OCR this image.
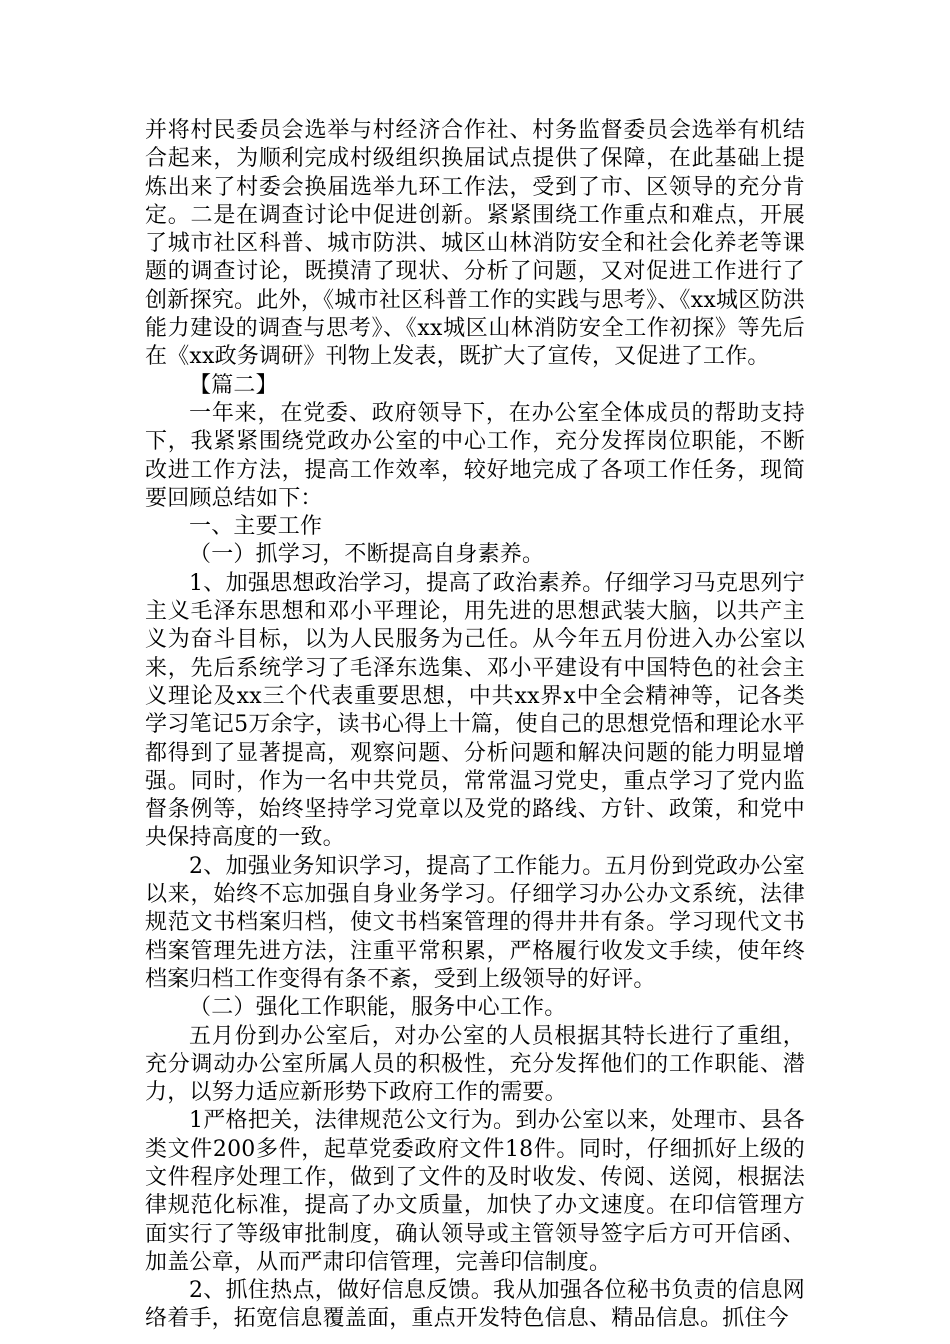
并将村民委员会选举与村经济合作社、村务监督委员会选举有机结合起来，为顺利完成村级组织换届试点提供了保障，在此基础上提炼出来了村委会换届选举九环工作法，受到了市、区领导的充分肯定。二是在调查讨论中促进创新。紧紧围绕工作重点和难点，开展了城市社区科普、城市防洪、城区山林消防安全和社会化养老等课题的调查讨论，既摸清了现状、分析了问题，又对促进工作进行了创新探究。此外，《城市社区科普工作的实践与思考》、《xx城区防洪能力建设的调查与思考》、《xx城区山林消防安全工作初探》等先后在《xx政务调研》刊物上发表，既扩大了宣传，又促进了工作。

【篇二】

一年来，在党委、政府领导下，在办公室全体成员的帮助支持下，我紧紧围绕党政办公室的中心工作，充分发挥岗位职能，不断改进工作方法，提高工作效率，较好地完成了各项工作任务，现简要回顾总结如下：

一、主要工作

（一）抓学习，不断提高自身素养。

1、加强思想政治学习，提高了政治素养。仔细学习马克思列宁主义毛泽东思想和邓小平理论，用先进的思想武装大脑，以共产主义为奋斗目标，以为人民服务为己任。从今年五月份进入办公室以来，先后系统学习了毛泽东选集、邓小平建设有中国特色的社会主义理论及xx三个代表重要思想，中共xx界x中全会精神等，记各类学习笔记5万余字，读书心得上十篇，使自己的思想党悟和理论水平都得到了显著提高，观察问题、分析问题和解决问题的能力明显增强。同时，作为一名中共党员，常常温习党史，重点学习了党内监督条例等，始终坚持学习党章以及党的路线、方针、政策，和党中央保持高度的一致。

2、加强业务知识学习，提高了工作能力。五月份到党政办公室以来，始终不忘加强自身业务学习。仔细学习办公办文系统，法律规范文书档案归档，使文书档案管理的得井井有条。学习现代文书档案管理先进方法，注重平常积累，严格履行收发文手续，使年终档案归档工作变得有条不紊，受到上级领导的好评。

（二）强化工作职能，服务中心工作。

五月份到办公室后，对办公室的人员根据其特长进行了重组，充分调动办公室所属人员的积极性，充分发挥他们的工作职能、潜力，以努力适应新形势下政府工作的需要。

1严格把关，法律规范公文行为。到办公室以来，处理市、县各类文件200多件，起草党委政府文件18件。同时，仔细抓好上级的文件程序处理工作，做到了文件的及时收发、传阅、送阅，根据法律规范化标准，提高了办文质量，加快了办文速度。在印信管理方面实行了等级审批制度，确认领导或主管领导签字后方可开信函、加盖公章，从而严肃印信管理，完善印信制度。

2、抓住热点，做好信息反馈。我从加强各位秘书负责的信息网络着手，拓宽信息覆盖面，重点开发特色信息、精品信息。抓住今
